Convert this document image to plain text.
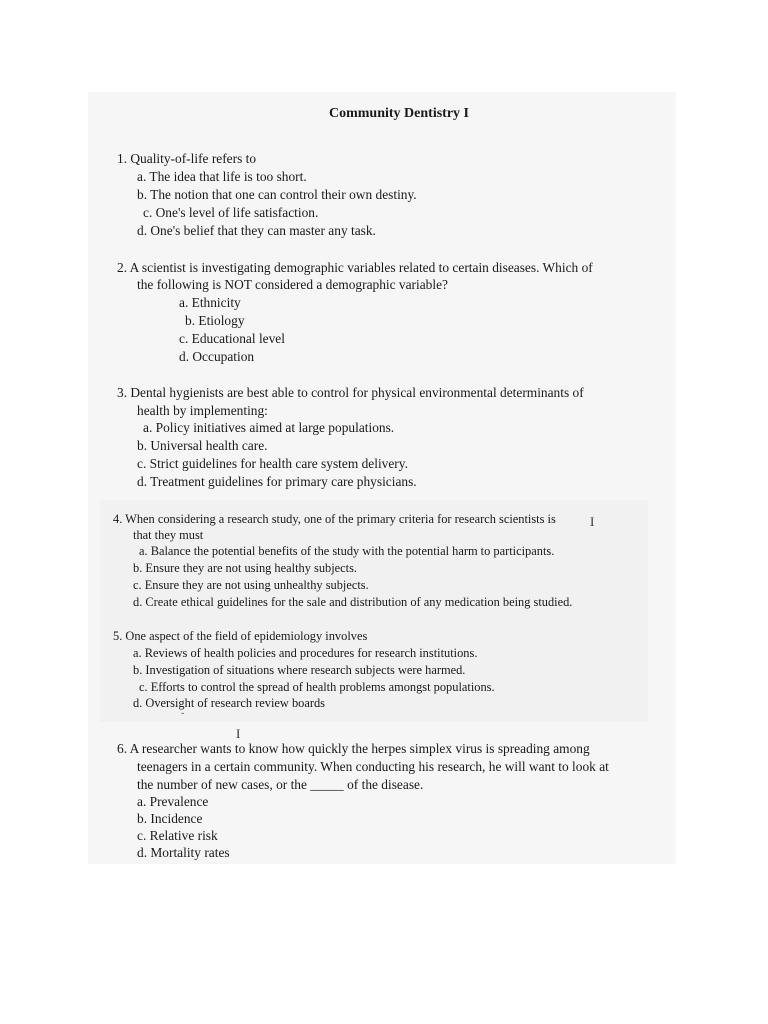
Community Dentistry I
1. Quality-of-life refers to
a. The idea that life is too short.
b. The notion that one can control their own destiny.
c. One's level of life satisfaction.
d. One's belief that they can master any task.
2. A scientist is investigating demographic variables related to certain diseases. Which of
the following is NOT considered a demographic variable?
a. Ethnicity
b. Etiology
c. Educational level
d. Occupation
3. Dental hygienists are best able to control for physical environmental determinants of
health by implementing:
a. Policy initiatives aimed at large populations.
b. Universal health care.
c. Strict guidelines for health care system delivery.
d. Treatment guidelines for primary care physicians.
4. When considering a research study, one of the primary criteria for research scientists is	I
that they must
a. Balance the potential benefits of the study with the potential harm to participants.
b. Ensure they are not using healthy subjects.
c. Ensure they are not using unhealthy subjects.
d. Create ethical guidelines for the sale and distribution of any medication being studied.
5. One aspect of the field of epidemiology involves
a. Reviews of health policies and procedures for research institutions.
b. Investigation of situations where research subjects were harmed.
c. Efforts to control the spread of health problems amongst populations.
d. Oversight of research review boards
˘
I
6. A researcher wants to know how quickly the herpes simplex virus is spreading among
teenagers in a certain community. When conducting his research, he will want to look at
the number of new cases, or the _____ of the disease.
a. Prevalence
b. Incidence
c. Relative risk
d. Mortality rates
